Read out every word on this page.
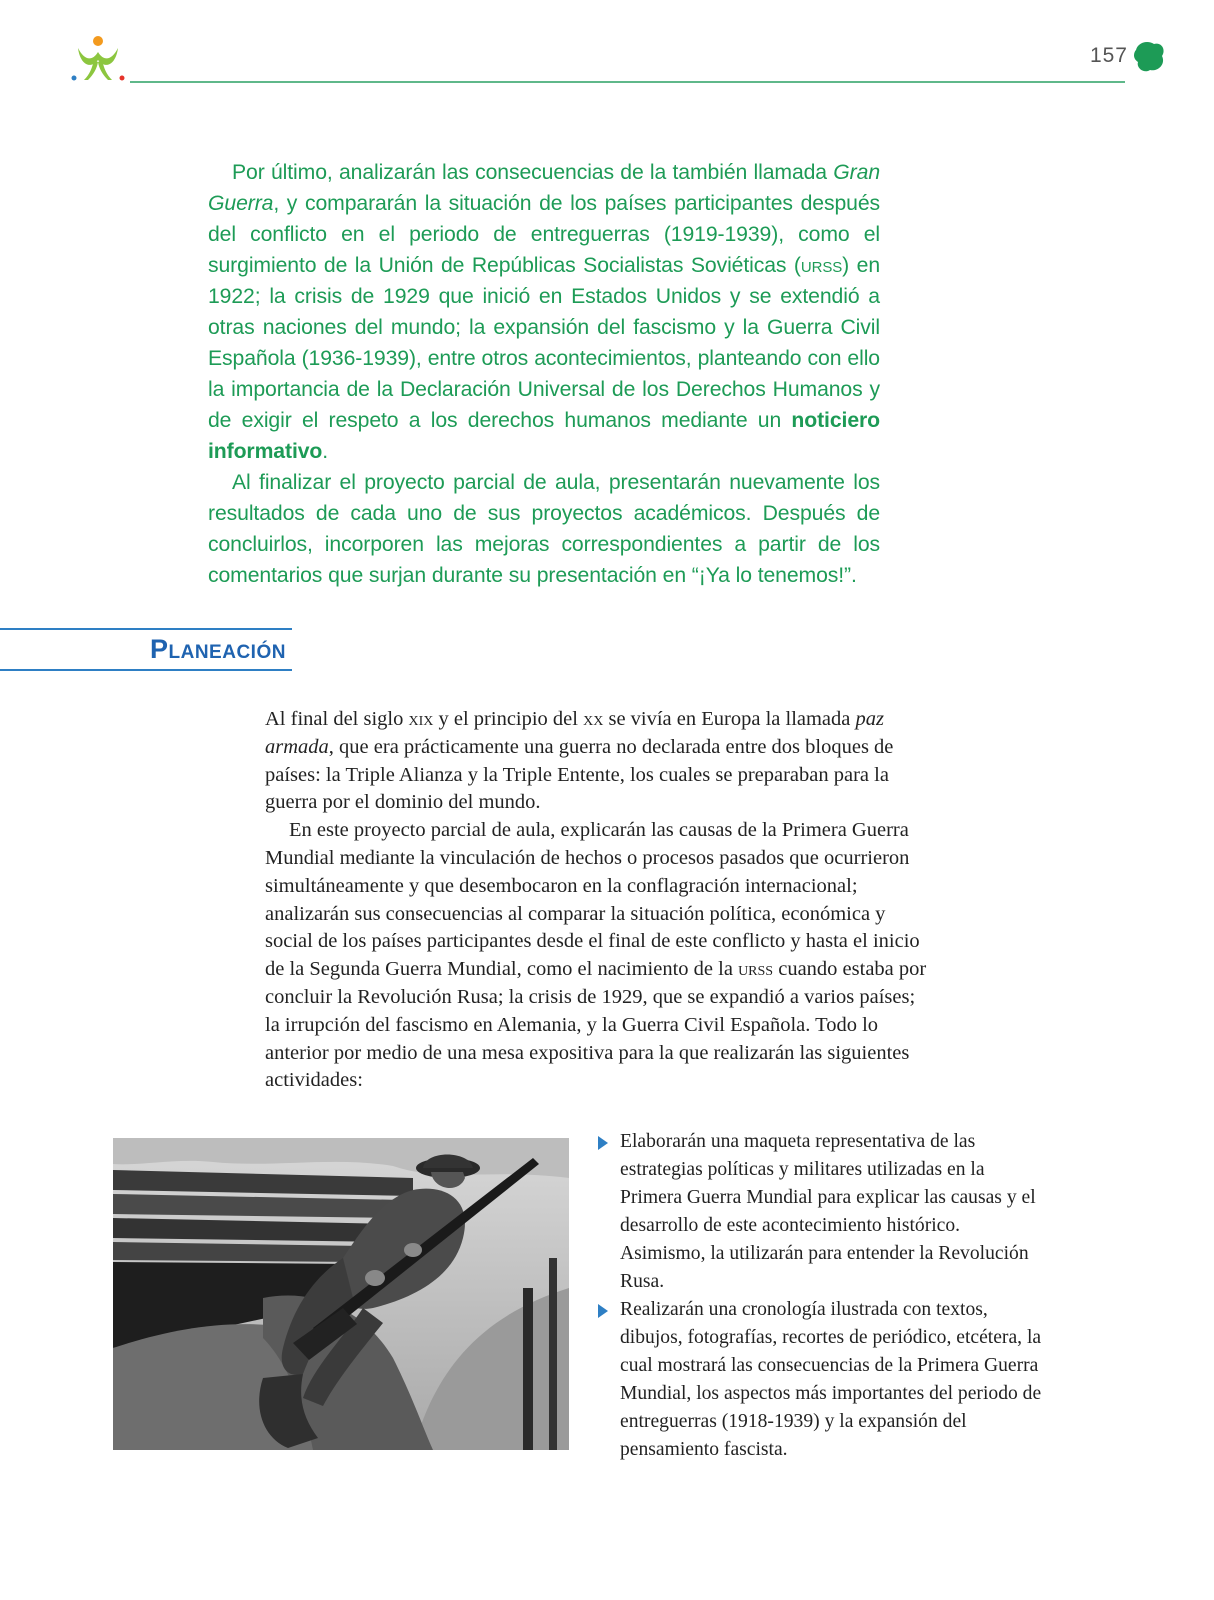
157

Por último, analizarán las consecuencias de la también llamada Gran Guerra, y compararán la situación de los países participantes después del conflicto en el periodo de entreguerras (1919-1939), como el surgimiento de la Unión de Repúblicas Socialistas Soviéticas (urss) en 1922; la crisis de 1929 que inició en Estados Unidos y se extendió a otras naciones del mundo; la expansión del fascismo y la Guerra Civil Española (1936-1939), entre otros acontecimientos, planteando con ello la importancia de la Declaración Universal de los Derechos Humanos y de exigir el respeto a los derechos humanos mediante un noticiero informativo.

Al finalizar el proyecto parcial de aula, presentarán nuevamente los resultados de cada uno de sus proyectos académicos. Después de concluirlos, incorporen las mejoras correspondientes a partir de los comentarios que surjan durante su presentación en “¡Ya lo tenemos!”.

Planeación

Al final del siglo xix y el principio del xx se vivía en Europa la llamada paz armada, que era prácticamente una guerra no declarada entre dos bloques de países: la Triple Alianza y la Triple Entente, los cuales se preparaban para la guerra por el dominio del mundo.

En este proyecto parcial de aula, explicarán las causas de la Primera Guerra Mundial mediante la vinculación de hechos o procesos pasados que ocurrieron simultáneamente y que desembocaron en la conflagración internacional; analizarán sus consecuencias al comparar la situación política, económica y social de los países participantes desde el final de este conflicto y hasta el inicio de la Segunda Guerra Mundial, como el nacimiento de la urss cuando estaba por concluir la Revolución Rusa; la crisis de 1929, que se expandió a varios países; la irrupción del fascismo en Alemania, y la Guerra Civil Española. Todo lo anterior por medio de una mesa expositiva para la que realizarán las siguientes actividades:

Elaborarán una maqueta representativa de las estrategias políticas y militares utilizadas en la Primera Guerra Mundial para explicar las causas y el desarrollo de este acontecimiento histórico. Asimismo, la utilizarán para entender la Revolución Rusa.
Realizarán una cronología ilustrada con textos, dibujos, fotografías, recortes de periódico, etcétera, la cual mostrará las consecuencias de la Primera Guerra Mundial, los aspectos más importantes del periodo de entreguerras (1918-1939) y la expansión del pensamiento fascista.
